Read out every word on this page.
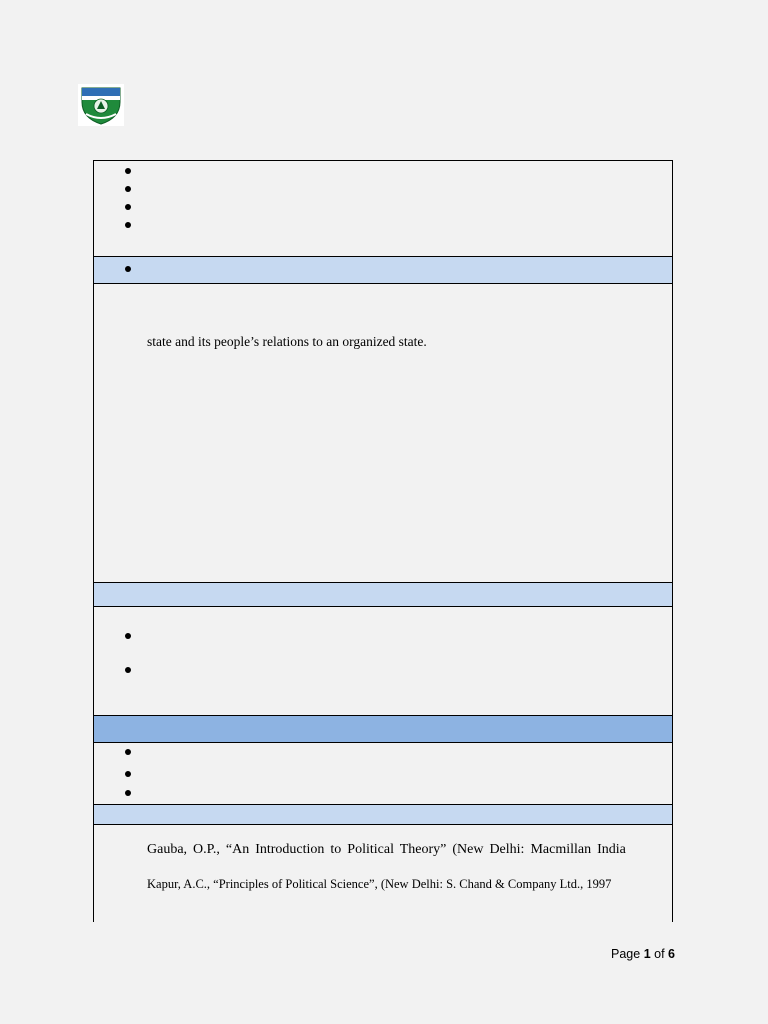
state and its people’s relations to an organized state.
Gauba, O.P., “An Introduction to Political Theory” (New Delhi: Macmillan India
Kapur, A.C., “Principles of Political Science”, (New Delhi: S. Chand & Company Ltd., 1997
Page 1 of 6
